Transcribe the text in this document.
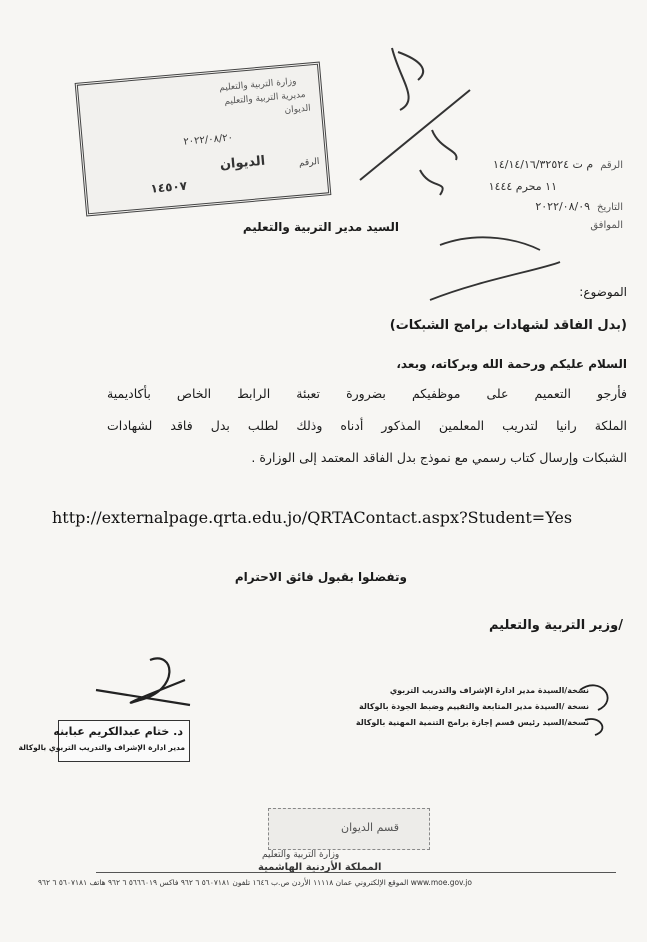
وزارة التربية والتعليم
مديرية التربية والتعليم
الديوان
٢٠٢٢/٠٨/٢٠
الديوان	الرقم
١٤٥٠٧
الرقم  م ت ١٤/١٤/١٦/٣٢٥٢٤
١١ محرم ١٤٤٤
التاريخ  ٢٠٢٢/٠٨/٠٩
الموافق
السيد مدير التربية والتعليم
الموضوع:
(بدل الفاقد لشهادات برامج الشبكات)
السلام عليكم ورحمة الله وبركاته، وبعد،
فأرجو التعميم على موظفيكم بضرورة تعبئة الرابط الخاص بأكاديمية
الملكة رانيا لتدريب المعلمين المذكور أدناه وذلك لطلب بدل فاقد لشهادات
الشبكات وإرسال كتاب رسمي مع نموذج بدل الفاقد المعتمد إلى الوزارة .
http://externalpage.qrta.edu.jo/QRTAContact.aspx?Student=Yes
وتفضلوا بقبول فائق الاحترام
/وزير التربية والتعليم
د. ختام عبدالكريم عبابنه
مدير ادارة الإشراف والتدريب التربوي بالوكالة
نسخة/السيدة مدير ادارة الإشراف والتدريب التربوي
نسخة /السيدة مدير المتابعة والتقييم وضبط الجودة بالوكالة
نسخة/السيد رئيس قسم إجازة برامج التنمية المهنية بالوكالة
قسم الديوان
وزارة التربية والتعليم
المملكة الأردنية الهاشمية
www.moe.gov.jo الموقع الإلكتروني عمان ١١١١٨ الأردن ص.ب ١٦٤٦ تلفون ٥٦٠٧١٨١ ٦ ٩٦٢ فاكس ٥٦٦٦٠١٩ ٦ ٩٦٢ هاتف ٥٦٠٧١٨١ ٦ ٩٦٢
